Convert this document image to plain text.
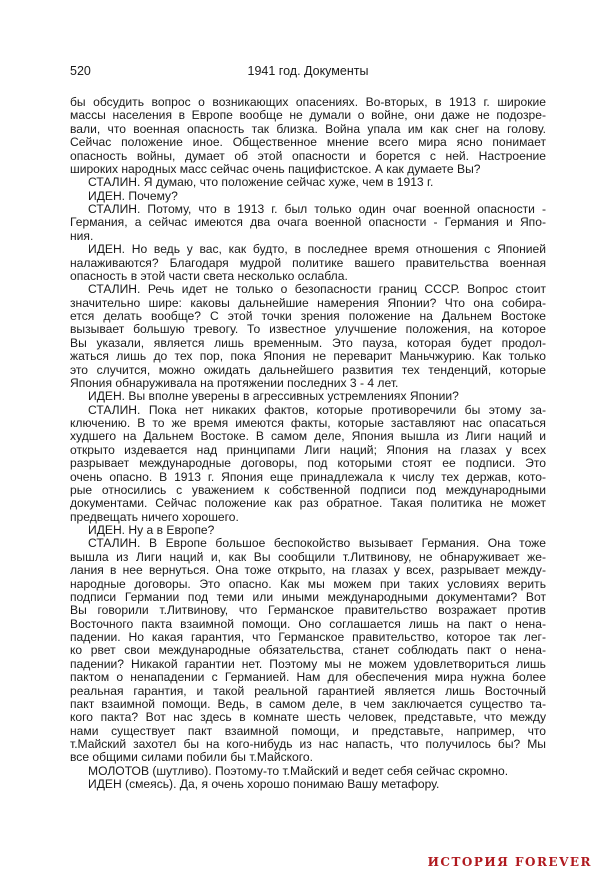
520	1941 год. Документы
бы обсудить вопрос о возникающих опасениях. Во-вторых, в 1913 г. широкие
массы населения в Европе вообще не думали о войне, они даже не подозре-
вали, что военная опасность так близка. Война упала им как снег на голову.
Сейчас положение иное. Общественное мнение всего мира ясно понимает
опасность войны, думает об этой опасности и борется с ней. Настроение
широких народных масс сейчас очень пацифистское. А как думаете Вы?
СТАЛИН. Я думаю, что положение сейчас хуже, чем в 1913 г.
ИДЕН. Почему?
СТАЛИН. Потому, что в 1913 г. был только один очаг военной опасности -
Германия, а сейчас имеются два очага военной опасности - Германия и Япо-
ния.
ИДЕН. Но ведь у вас, как будто, в последнее время отношения с Японией
налаживаются? Благодаря мудрой политике вашего правительства военная
опасность в этой части света несколько ослабла.
СТАЛИН. Речь идет не только о безопасности границ СССР. Вопрос стоит
значительно шире: каковы дальнейшие намерения Японии? Что она собира-
ется делать вообще? С этой точки зрения положение на Дальнем Востоке
вызывает большую тревогу. То известное улучшение положения, на которое
Вы указали, является лишь временным. Это пауза, которая будет продол-
жаться лишь до тех пор, пока Япония не переварит Маньчжурию. Как только
это случится, можно ожидать дальнейшего развития тех тенденций, которые
Япония обнаруживала на протяжении последних 3 - 4 лет.
ИДЕН. Вы вполне уверены в агрессивных устремлениях Японии?
СТАЛИН. Пока нет никаких фактов, которые противоречили бы этому за-
ключению. В то же время имеются факты, которые заставляют нас опасаться
худшего на Дальнем Востоке. В самом деле, Япония вышла из Лиги наций и
открыто издевается над принципами Лиги наций; Япония на глазах у всех
разрывает международные договоры, под которыми стоят ее подписи. Это
очень опасно. В 1913 г. Япония еще принадлежала к числу тех держав, кото-
рые относились с уважением к собственной подписи под международными
документами. Сейчас положение как раз обратное. Такая политика не может
предвещать ничего хорошего.
ИДЕН. Ну а в Европе?
СТАЛИН. В Европе большое беспокойство вызывает Германия. Она тоже
вышла из Лиги наций и, как Вы сообщили т.Литвинову, не обнаруживает же-
лания в нее вернуться. Она тоже открыто, на глазах у всех, разрывает между-
народные договоры. Это опасно. Как мы можем при таких условиях верить
подписи Германии под теми или иными международными документами? Вот
Вы говорили т.Литвинову, что Германское правительство возражает против
Восточного пакта взаимной помощи. Оно соглашается лишь на пакт о нена-
падении. Но какая гарантия, что Германское правительство, которое так лег-
ко рвет свои международные обязательства, станет соблюдать пакт о нена-
падении? Никакой гарантии нет. Поэтому мы не можем удовлетвориться лишь
пактом о ненападении с Германией. Нам для обеспечения мира нужна более
реальная гарантия, и такой реальной гарантией является лишь Восточный
пакт взаимной помощи. Ведь, в самом деле, в чем заключается существо та-
кого пакта? Вот нас здесь в комнате шесть человек, представьте, что между
нами существует пакт взаимной помощи, и представьте, например, что
т.Майский захотел бы на кого-нибудь из нас напасть, что получилось бы? Мы
все общими силами побили бы т.Майского.
МОЛОТОВ (шутливо). Поэтому-то т.Майский и ведет себя сейчас скромно.
ИДЕН (смеясь). Да, я очень хорошо понимаю Вашу метафору.
ИСТОРИЯ FOREVER
